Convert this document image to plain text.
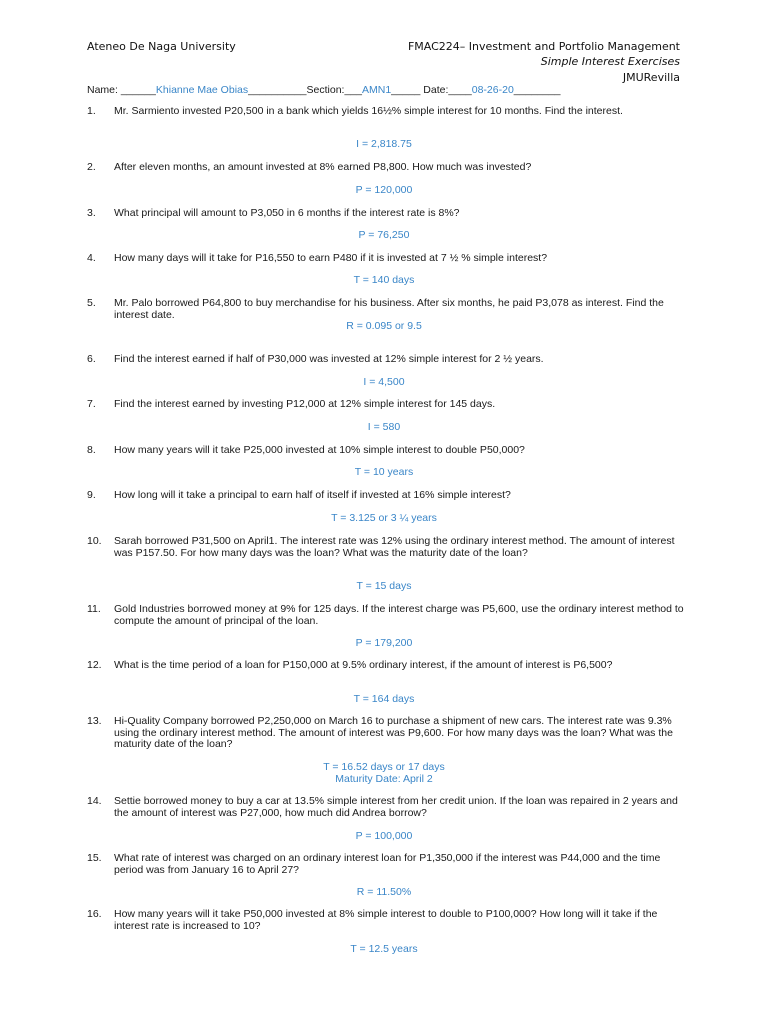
Ateneo De Naga University	FMAC224– Investment and Portfolio Management
Simple Interest Exercises
JMURevilla
Name: ______Khianne Mae Obias__________Section:___AMN1_____ Date:____08-26-20________
1.	Mr. Sarmiento invested P20,500 in a bank which yields 16½% simple interest for 10 months. Find the interest.
I = 2,818.75
2.	After eleven months, an amount invested at 8% earned P8,800. How much was invested?
P = 120,000
3.	What principal will amount to P3,050 in 6 months if the interest rate is 8%?
P = 76,250
4.	How many days will it take for P16,550 to earn P480 if it is invested at 7 ½ % simple interest?
T = 140 days
5.	Mr. Palo borrowed P64,800 to buy merchandise for his business. After six months, he paid P3,078 as interest. Find the interest date.
R = 0.095 or 9.5
6.	Find the interest earned if half of P30,000 was invested at 12% simple interest for 2 ½ years.
I = 4,500
7.	Find the interest earned by investing P12,000 at 12% simple interest for 145 days.
I = 580
8.	How many years will it take P25,000 invested at 10% simple interest to double P50,000?
T = 10 years
9.	How long will it take a principal to earn half of itself if invested at 16% simple interest?
T = 3.125 or 3 ¼ years
10.	Sarah borrowed P31,500 on April1. The interest rate was 12% using the ordinary interest method. The amount of interest was P157.50. For how many days was the loan? What was the maturity date of the loan?
T = 15 days
11.	Gold Industries borrowed money at 9% for 125 days. If the interest charge was P5,600, use the ordinary interest method to compute the amount of principal of the loan.
P = 179,200
12.	What is the time period of a loan for P150,000 at 9.5% ordinary interest, if the amount of interest is P6,500?
T = 164 days
13.	Hi-Quality Company borrowed P2,250,000 on March 16 to purchase a shipment of new cars. The interest rate was 9.3% using the ordinary interest method. The amount of interest was P9,600. For how many days was the loan? What was the maturity date of the loan?
T = 16.52 days or 17 days
Maturity Date: April 2
14.	Settie borrowed money to buy a car at 13.5% simple interest from her credit union. If the loan was repaired in 2 years and the amount of interest was P27,000, how much did Andrea borrow?
P = 100,000
15.	What rate of interest was charged on an ordinary interest loan for P1,350,000 if the interest was P44,000 and the time period was from January 16 to April 27?
R = 11.50%
16.	How many years will it take P50,000 invested at 8% simple interest to double to P100,000? How long will it take if the interest rate is increased to 10?
T = 12.5 years
